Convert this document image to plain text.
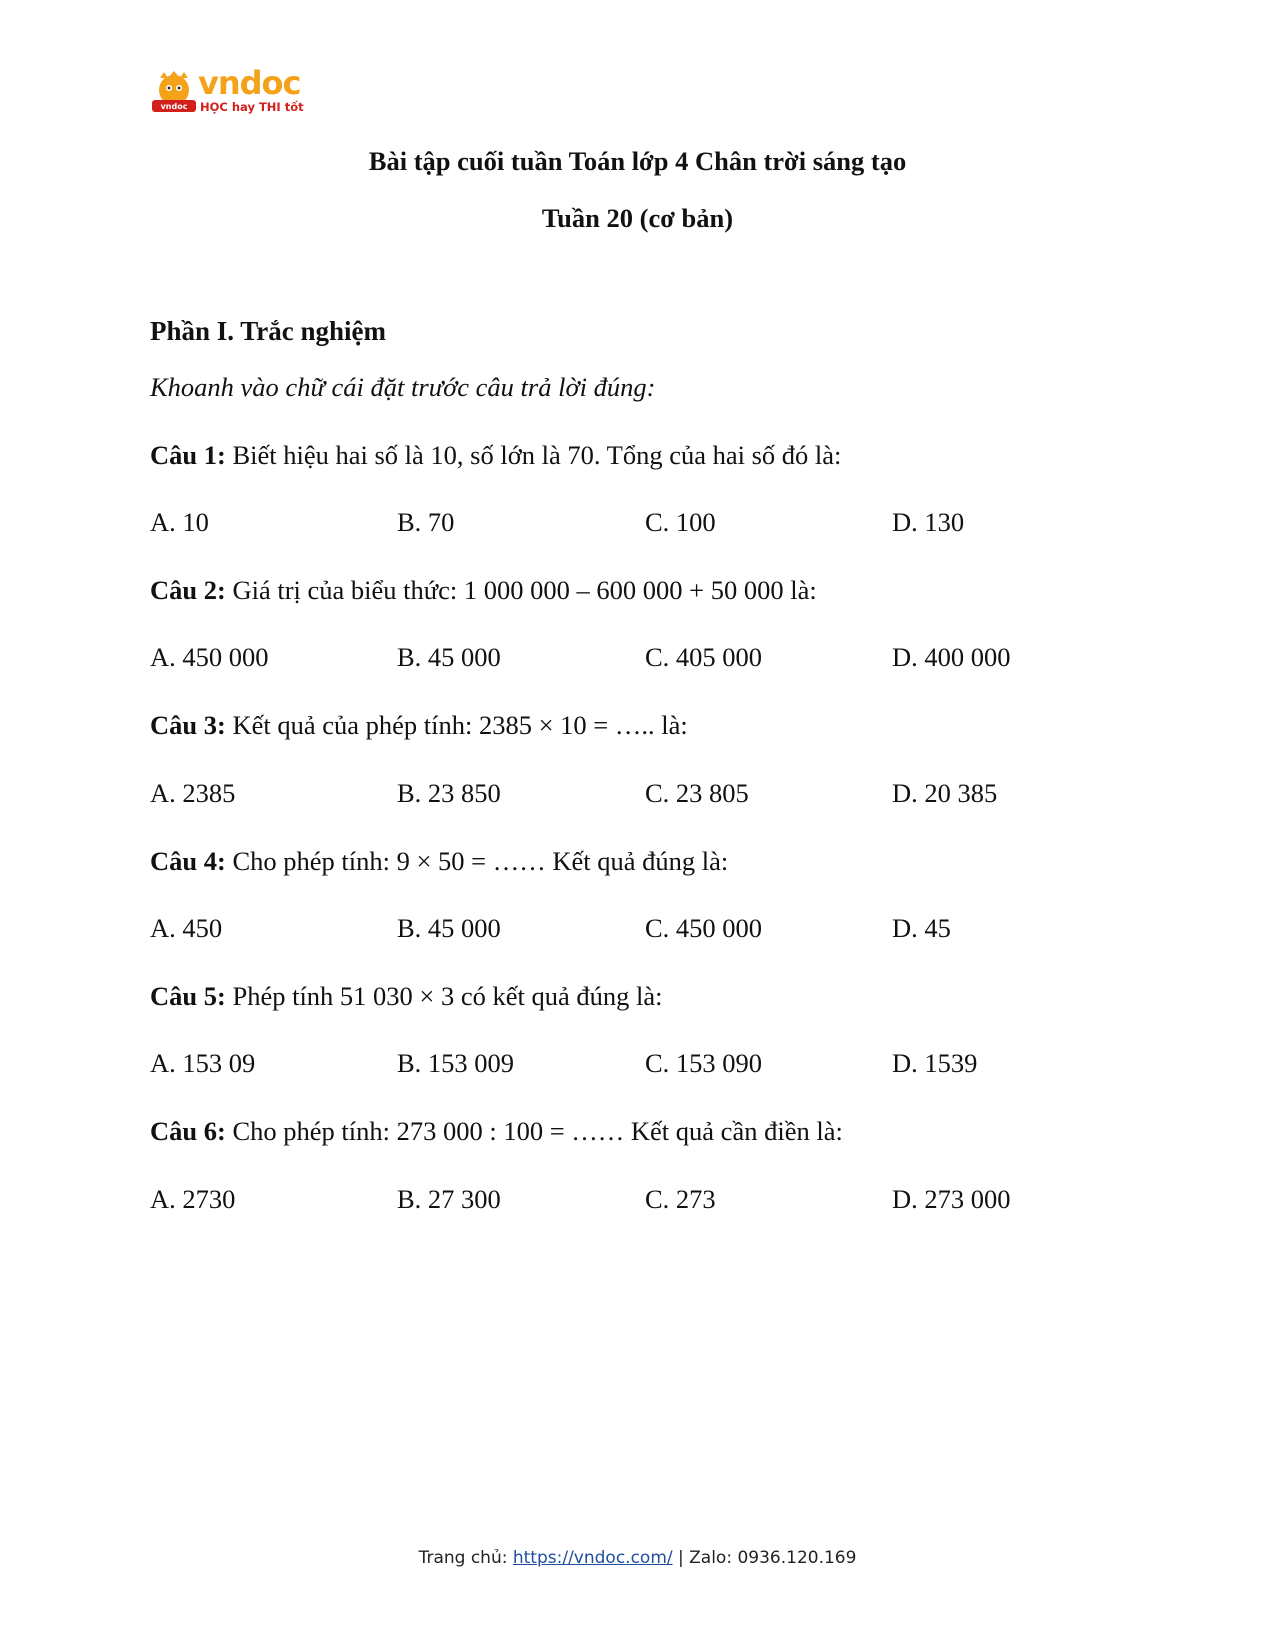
vndoc
vndoc
HỌC hay THI tốt
Bài tập cuối tuần Toán lớp 4 Chân trời sáng tạo
Tuần 20 (cơ bản)
Phần I. Trắc nghiệm
Khoanh vào chữ cái đặt trước câu trả lời đúng:
Câu 1: Biết hiệu hai số là 10, số lớn là 70. Tổng của hai số đó là:
A. 10	B. 70	C. 100	D. 130
Câu 2: Giá trị của biểu thức: 1 000 000 – 600 000 + 50 000 là:
A. 450 000	B. 45 000	C. 405 000	D. 400 000
Câu 3: Kết quả của phép tính: 2385 × 10 = ….. là:
A. 2385	B. 23 850	C. 23 805	D. 20 385
Câu 4: Cho phép tính: 9 × 50 = …… Kết quả đúng là:
A. 450	B. 45 000	C. 450 000	D. 45
Câu 5: Phép tính 51 030 × 3 có kết quả đúng là:
A. 153 09	B. 153 009	C. 153 090	D. 1539
Câu 6: Cho phép tính: 273 000 : 100 = …… Kết quả cần điền là:
A. 2730	B. 27 300	C. 273	D. 273 000
Trang chủ: https://vndoc.com/ | Zalo: 0936.120.169
